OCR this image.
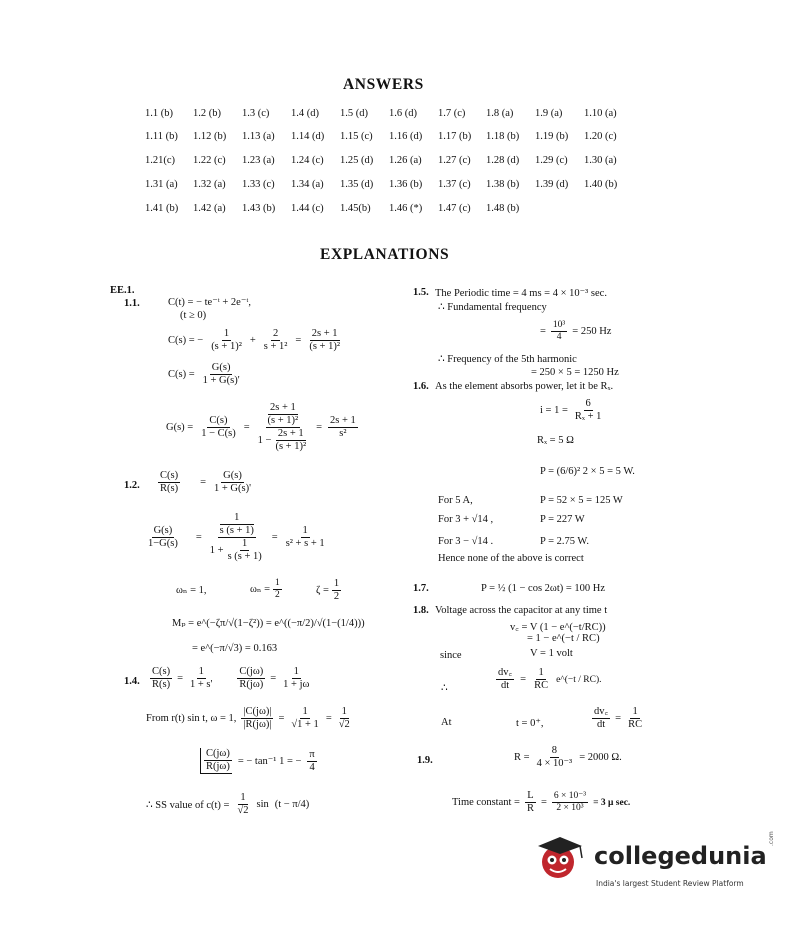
ANSWERS
1.1 (b) 1.2 (b) 1.3 (c) 1.4 (d) 1.5 (d) 1.6 (d) 1.7 (c) 1.8 (a) 1.9 (a) 1.10 (a)
1.11 (b) 1.12 (b) 1.13 (a) 1.14 (d) 1.15 (c) 1.16 (d) 1.17 (b) 1.18 (b) 1.19 (b) 1.20 (c)
1.21(c) 1.22 (c) 1.23 (a) 1.24 (c) 1.25 (d) 1.26 (a) 1.27 (c) 1.28 (d) 1.29 (c) 1.30 (a)
1.31 (a) 1.32 (a) 1.33 (c) 1.34 (a) 1.35 (d) 1.36 (b) 1.37 (c) 1.38 (b) 1.39 (d) 1.40 (b)
1.41 (b) 1.42 (a) 1.43 (b) 1.44 (c) 1.45(b) 1.46 (*) 1.47 (c) 1.48 (b)
EXPLANATIONS
EE.1.
1.1.	C(t) = − te⁻ᵗ + 2e⁻ᵗ,
(t ≥ 0)
C(s) = − $\frac{1}{\text{(s + 1)²}} + \frac{2}{\text{s + 1²}} = \frac{2s + 1}{\text{(s + 1)²}}$
$C(s) = \frac{G(s)}{1 + G(s)'}$
$G(s) = \frac{C(s)}{1 - C(s)} = 2s + 1$
(s + 1)²
$1 - \frac{2s + 1}{\text{(s + 1)²}} = \frac{2s + 1}{\text{s²}}$
1.2. $\frac{C(s)}{R(s)} = \frac{G(s)}{1 + G(s)'}$
$\frac{G(s)}{1-G(s)} = 1$
s (s + 1)
$1 + \frac{1}{s (s + 1)} = \frac{1}{\text{s² + s + 1}}$
ωₙ = 1,	$\omega_n = \frac{1}{2}$	$\zeta = \frac{1}{2}$
Mₚ = e^(−ζπ/√(1−ζ²)) = e^((−π/2)/√(1−(1/4)))
= e^(−π/√3) = 0.163
1.4. $\frac{C(s)}{R(s)} = \frac{1}{1 + s'} \frac{C(j\omega)}{R(j\omega)} = \frac{1}{1 + j\omega}$
From r(t) sin t, ω = 1, $\frac{|C(j\omega)|}{|R(j\omega)|} = \frac{1}{√1 + 1} = \frac{1}{√2}$
$\frac{C(j\omega)}{R(j\omega)}$ = − tan⁻¹ 1 = − $\frac{\pi}{4}$
∴ SS value of $c(t) = \frac{1}{√2}$ sin (t − π/4)
1.5. The Periodic time = 4 ms = 4 × 10⁻³ sec.
∴ Fundamental frequency
= $\frac{\text{10³}}{4} = 250$ Hz
∴ Frequency of the 5th harmonic
= 250 × 5 = 1250 Hz
1.6. As the element absorbs power, let it be Rₓ.
$i = 1 = \frac{6}{\text{Rₓ + 1}}$
Rₓ = 5 Ω
P = (6/6)² 2 × 5 = 5 W.
For 5 A,	P = 52 × 5 = 125 W
For 3 + √14 ,	P = 227 W
For 3 − √14 .	P = 2.75 W.
Hence none of the above is correct
1.7.	P = ½ (1 − cos 2ωt) = 100 Hz
1.8. Voltage across the capacitor at any time t
v꜀ = V (1 − e^(−t/RC))
= 1 − e^(−t / RC)
since	V = 1 volt
∴	$\frac{dv꜀}{dt} = \frac{1}{RC}$ e^(−t / RC).
At	t = 0⁺,	$\frac{dv꜀}{dt} = \frac{1}{RC}$
1.9.	$R = \frac{8}{\text{4 × 10⁻³}} = 2000$ Ω.
Time constant = $\frac{L}{R} = \frac{\text{6 × 10⁻³}}{\text{2 × 10³}} = 3$ μ sec.
collegedunia
.com
India's largest Student Review Platform
